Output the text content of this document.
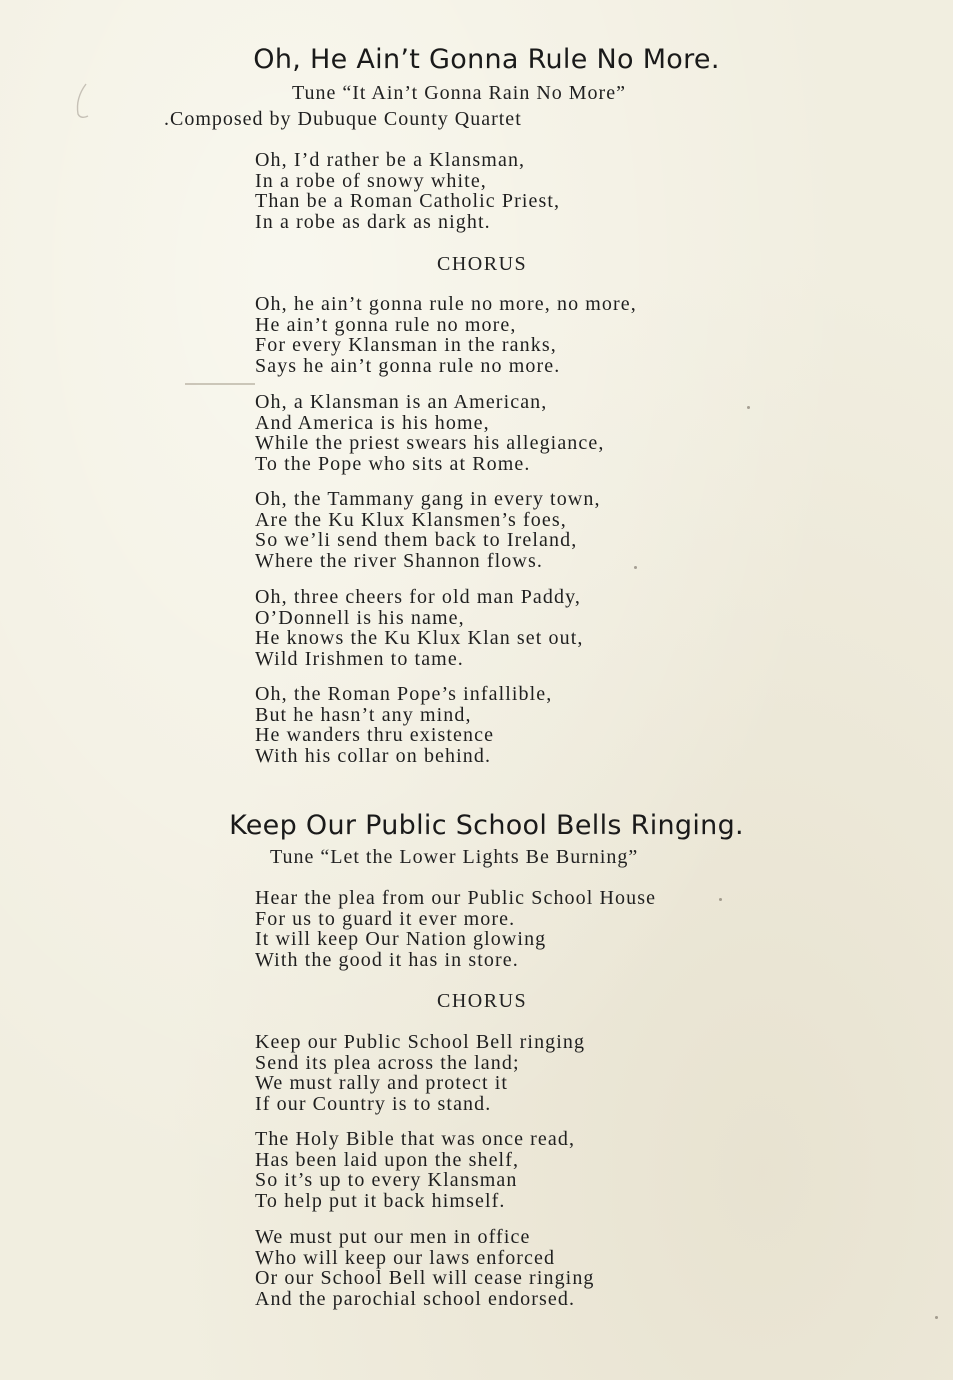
Oh, He Ain’t Gonna Rule No More.
Tune “It Ain’t Gonna Rain No More”
.Composed by Dubuque County Quartet
Oh, I’d rather be a Klansman,
In a robe of snowy white,
Than be a Roman Catholic Priest,
In a robe as dark as night.
CHORUS
Oh, he ain’t gonna rule no more, no more,
He ain’t gonna rule no more,
For every Klansman in the ranks,
Says he ain’t gonna rule no more.
Oh, a Klansman is an American,
And America is his home,
While the priest swears his allegiance,
To the Pope who sits at Rome.
Oh, the Tammany gang in every town,
Are the Ku Klux Klansmen’s foes,
So we’li send them back to Ireland,
Where the river Shannon flows.
Oh, three cheers for old man Paddy,
O’Donnell is his name,
He knows the Ku Klux Klan set out,
Wild Irishmen to tame.
Oh, the Roman Pope’s infallible,
But he hasn’t any mind,
He wanders thru existence
With his collar on behind.
Keep Our Public School Bells Ringing.
Tune “Let the Lower Lights Be Burning”
Hear the plea from our Public School House
For us to guard it ever more.
It will keep Our Nation glowing
With the good it has in store.
CHORUS
Keep our Public School Bell ringing
Send its plea across the land;
We must rally and protect it
If our Country is to stand.
The Holy Bible that was once read,
Has been laid upon the shelf,
So it’s up to every Klansman
To help put it back himself.
We must put our men in office
Who will keep our laws enforced
Or our School Bell will cease ringing
And the parochial school endorsed.
